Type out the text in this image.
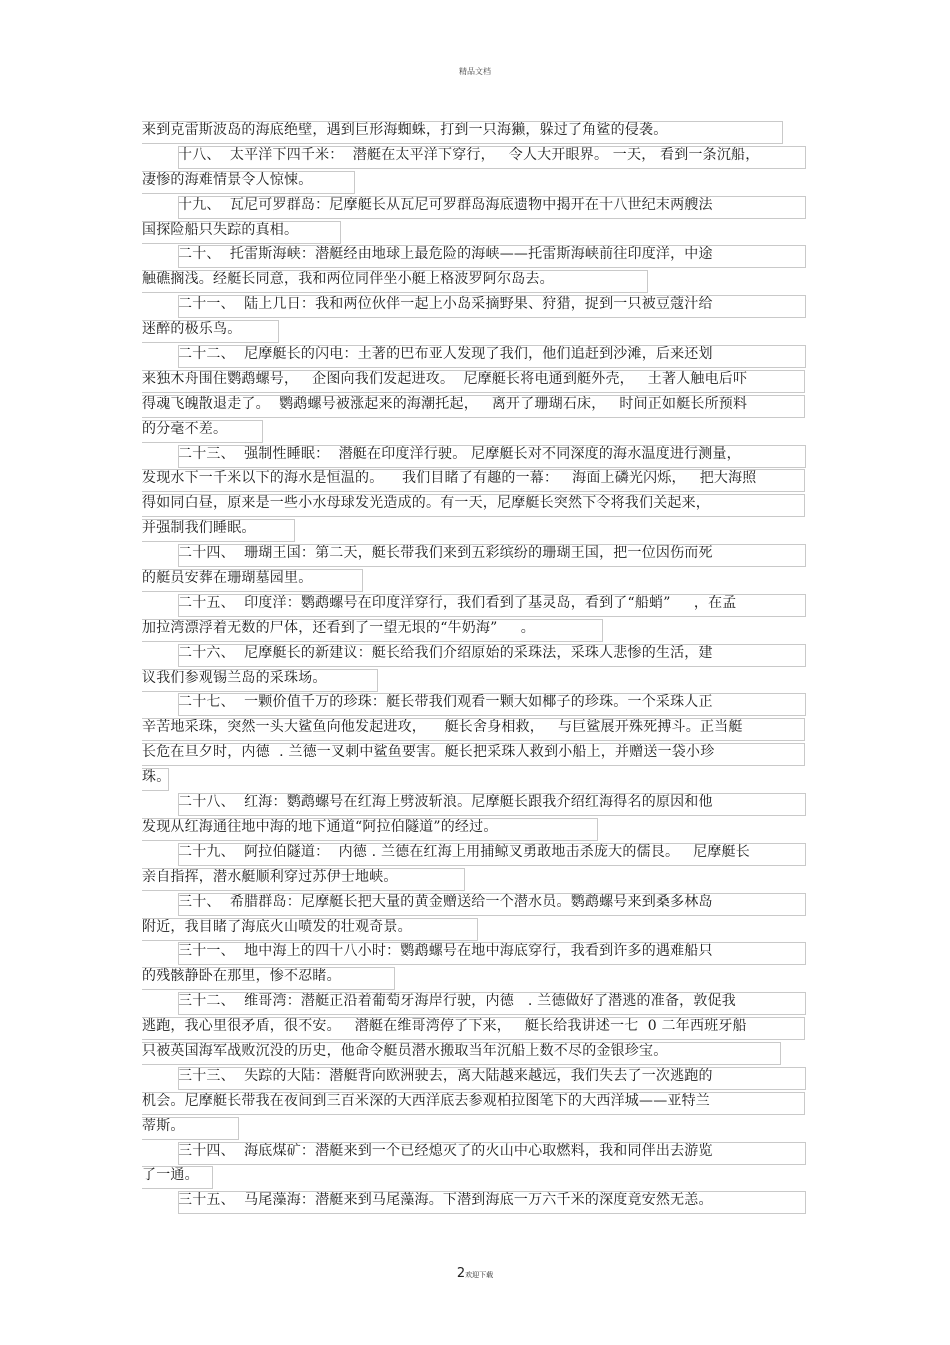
精品文档
来到克雷斯波岛的海底绝壁，遇到巨形海蜘蛛，打到一只海獭，躲过了角鲨的侵袭。
十八、  太平洋下四千米：  潜艇在太平洋下穿行，   令人大开眼界。 一天， 看到一条沉船，
凄惨的海难情景令人惊悚。
十九、  瓦尼可罗群岛：尼摩艇长从瓦尼可罗群岛海底遗物中揭开在十八世纪末两艘法
国探险船只失踪的真相。
二十、  托雷斯海峡：潜艇经由地球上最危险的海峡——托雷斯海峡前往印度洋，中途
触礁搁浅。经艇长同意，我和两位同伴坐小艇上格波罗阿尔岛去。
二十一、  陆上几日：我和两位伙伴一起上小岛采摘野果、狩猎，捉到一只被豆蔻汁给
迷醉的极乐鸟。
二十二、  尼摩艇长的闪电：土著的巴布亚人发现了我们，他们追赶到沙滩，后来还划
来独木舟围住鹦鹉螺号，   企图向我们发起进攻。  尼摩艇长将电通到艇外壳，   土著人触电后吓
得魂飞魄散退走了。  鹦鹉螺号被涨起来的海潮托起，   离开了珊瑚石床，   时间正如艇长所预料
的分毫不差。
二十三、  强制性睡眠：  潜艇在印度洋行驶。 尼摩艇长对不同深度的海水温度进行测量，
发现水下一千米以下的海水是恒温的。    我们目睹了有趣的一幕：   海面上磷光闪烁，   把大海照
得如同白昼，原来是一些小水母球发光造成的。有一天，尼摩艇长突然下令将我们关起来，
并强制我们睡眠。
二十四、  珊瑚王国：第二天，艇长带我们来到五彩缤纷的珊瑚王国，把一位因伤而死
的艇员安葬在珊瑚墓园里。
二十五、  印度洋：鹦鹉螺号在印度洋穿行，我们看到了基灵岛，看到了“船蛸”     ，在孟
加拉湾漂浮着无数的尸体，还看到了一望无垠的“牛奶海”     。
二十六、  尼摩艇长的新建议：艇长给我们介绍原始的采珠法，采珠人悲惨的生活，建
议我们参观锡兰岛的采珠场。
二十七、  一颗价值千万的珍珠：艇长带我们观看一颗大如椰子的珍珠。一个采珠人正
辛苦地采珠，突然一头大鲨鱼向他发起进攻，    艇长舍身相救，   与巨鲨展开殊死搏斗。正当艇
长危在旦夕时，内德  . 兰德一叉刺中鲨鱼要害。艇长把采珠人救到小船上，并赠送一袋小珍
珠。
二十八、  红海：鹦鹉螺号在红海上劈波斩浪。尼摩艇长跟我介绍红海得名的原因和他
发现从红海通往地中海的地下通道“阿拉伯隧道”的经过。
二十九、  阿拉伯隧道：  内德 . 兰德在红海上用捕鲸叉勇敢地击杀庞大的儒艮。   尼摩艇长
亲自指挥，潜水艇顺利穿过苏伊士地峡。
三十、  希腊群岛：尼摩艇长把大量的黄金赠送给一个潜水员。鹦鹉螺号来到桑多林岛
附近，我目睹了海底火山喷发的壮观奇景。
三十一、  地中海上的四十八小时：鹦鹉螺号在地中海底穿行，我看到许多的遇难船只
的残骸静卧在那里，惨不忍睹。
三十二、  维哥湾：潜艇正沿着葡萄牙海岸行驶，内德   . 兰德做好了潜逃的准备，敦促我
逃跑，我心里很矛盾，很不安。   潜艇在维哥湾停了下来，   艇长给我讲述一七  0 二年西班牙船
只被英国海军战败沉没的历史，他命令艇员潜水搬取当年沉船上数不尽的金银珍宝。
三十三、  失踪的大陆：潜艇背向欧洲驶去，离大陆越来越远，我们失去了一次逃跑的
机会。尼摩艇长带我在夜间到三百米深的大西洋底去参观柏拉图笔下的大西洋城——亚特兰
蒂斯。
三十四、  海底煤矿：潜艇来到一个已经熄灭了的火山中心取燃料，我和同伴出去游览
了一通。
三十五、  马尾藻海：潜艇来到马尾藻海。下潜到海底一万六千米的深度竟安然无恙。
2欢迎下载
